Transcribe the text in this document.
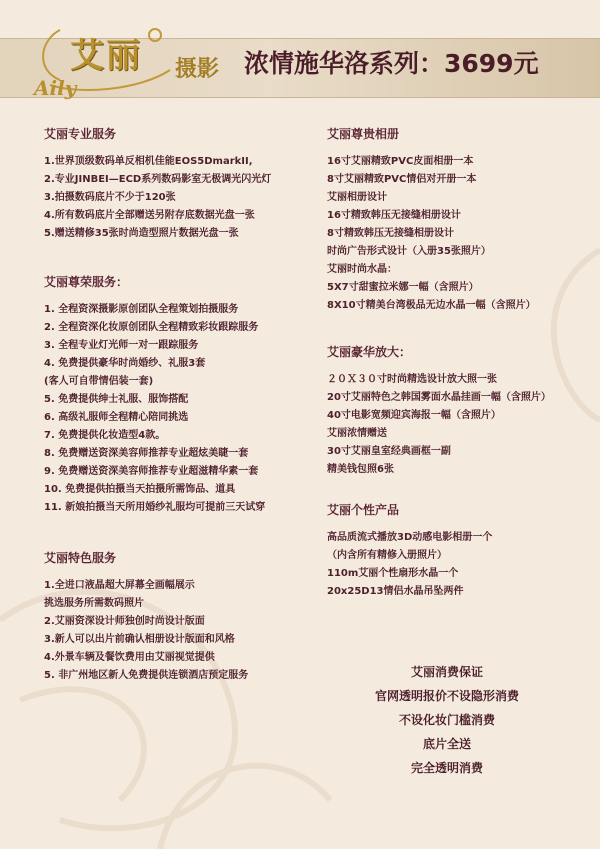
艾丽 摄影
Aily
浓情施华洛系列：3699元
艾丽专业服务
1.世界顶级数码单反相机佳能EOS5DmarkII,
2.专业JINBEI—ECD系列数码影室无极调光闪光灯
3.拍摄数码底片不少于120张
4.所有数码底片全部赠送另附存底数据光盘一张
5.赠送精修35张时尚造型照片数据光盘一张
艾丽尊荣服务：
1. 全程资深摄影原创团队全程策划拍摄服务
2. 全程资深化妆原创团队全程精致彩妆跟踪服务
3. 全程专业灯光师一对一跟踪服务
4. 免费提供豪华时尚婚纱、礼服3套
(客人可自带情侣装一套)
5. 免费提供绅士礼服、服饰搭配
6. 高级礼服师全程精心陪同挑选
7. 免费提供化妆造型4款。
8. 免费赠送资深美容师推荐专业超炫美睫一套
9. 免费赠送资深美容师推荐专业超滋精华素一套
10. 免费提供拍摄当天拍摄所需饰品、道具
11. 新娘拍摄当天所用婚纱礼服均可提前三天试穿
艾丽特色服务
1.全进口液晶超大屏幕全画幅展示
挑选服务所需数码照片
2.艾丽资深设计师独创时尚设计版面
3.新人可以出片前确认相册设计版面和风格
4.外景车辆及餐饮费用由艾丽视觉提供
5. 非广州地区新人免费提供连锁酒店预定服务
艾丽尊贵相册
16寸艾丽精致PVC皮面相册一本
8寸艾丽精致PVC情侣对开册一本
艾丽相册设计
16寸精致韩压无接缝相册设计
8寸精致韩压无接缝相册设计
时尚广告形式设计（入册35张照片）
艾丽时尚水晶：
5X7寸甜蜜拉米娜一幅（含照片）
8X10寸精美台湾极品无边水晶一幅（含照片）
艾丽豪华放大：
２０Ｘ３０寸时尚精选设计放大照一张
20寸艾丽特色之韩国雾面水晶挂画一幅（含照片）
40寸电影宽频迎宾海报一幅（含照片）
艾丽浓情赠送
30寸艾丽皇室经典画框一副
精美钱包照6张
艾丽个性产品
高品质流式播放3D动感电影相册一个
（内含所有精修入册照片）
110m艾丽个性扇形水晶一个
20x25D13情侣水晶吊坠两件
艾丽消费保证
官网透明报价不设隐形消费
不设化妆门槛消费
底片全送
完全透明消费
